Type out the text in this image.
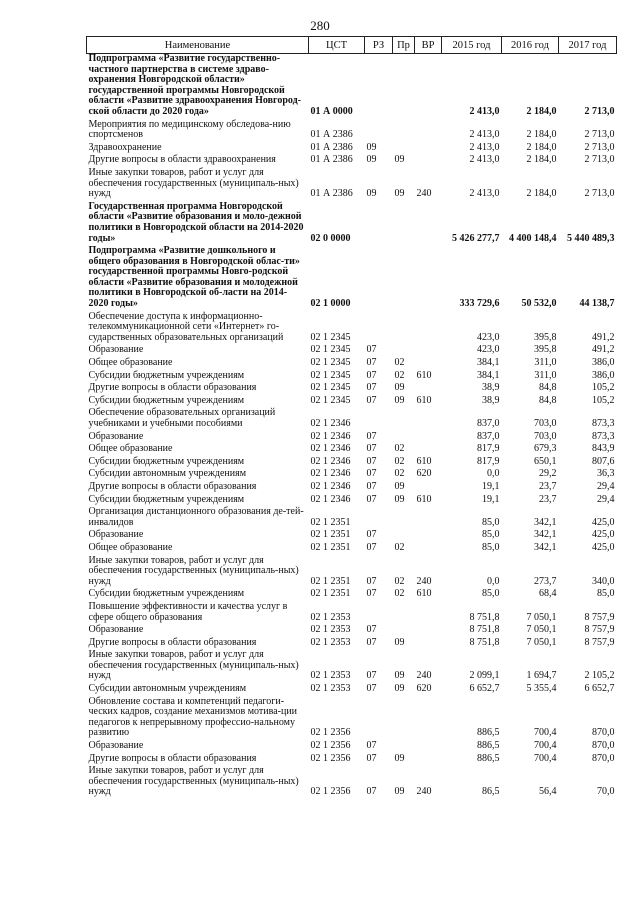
280
Наименование	ЦСТ	РЗ	Пр	ВР	2015 год	2016 год	2017 год
Подпрограмма «Развитие государственно-частного партнерства в системе здраво-охранения Новгородской области» государственной программы Новгородской области «Развитие здравоохранения Новгород-ской области до 2020 года»	01 А 0000				2 413,0	2 184,0	2 713,0
Мероприятия по медицинскому обследова-нию спортсменов	01 А 2386				2 413,0	2 184,0	2 713,0
Здравоохранение	01 А 2386	09			2 413,0	2 184,0	2 713,0
Другие вопросы в области здравоохранения	01 А 2386	09	09		2 413,0	2 184,0	2 713,0
Иные закупки товаров, работ и услуг для обеспечения государственных (муниципаль-ных) нужд	01 А 2386	09	09	240	2 413,0	2 184,0	2 713,0
Государственная программа Новгородской области «Развитие образования и моло-дежной политики в Новгородской области на 2014-2020 годы»	02 0 0000				5 426 277,7	4 400 148,4	5 440 489,3
Подпрограмма «Развитие дошкольного и общего образования в Новгородской облас-ти» государственной программы Новго-родской области «Развитие образования и молодежной политики в Новгородской об-ласти на 2014-2020 годы»	02 1 0000				333 729,6	50 532,0	44 138,7
Обеспечение доступа к информационно-телекоммуникационной сети «Интернет» го-сударственных образовательных организаций	02 1 2345				423,0	395,8	491,2
Образование	02 1 2345	07			423,0	395,8	491,2
Общее образование	02 1 2345	07	02		384,1	311,0	386,0
Субсидии бюджетным учреждениям	02 1 2345	07	02	610	384,1	311,0	386,0
Другие вопросы в области образования	02 1 2345	07	09		38,9	84,8	105,2
Субсидии бюджетным учреждениям	02 1 2345	07	09	610	38,9	84,8	105,2
Обеспечение образовательных организаций учебниками и учебными пособиями	02 1 2346				837,0	703,0	873,3
Образование	02 1 2346	07			837,0	703,0	873,3
Общее образование	02 1 2346	07	02		817,9	679,3	843,9
Субсидии бюджетным учреждениям	02 1 2346	07	02	610	817,9	650,1	807,6
Субсидии автономным учреждениям	02 1 2346	07	02	620	0,0	29,2	36,3
Другие вопросы в области образования	02 1 2346	07	09		19,1	23,7	29,4
Субсидии бюджетным учреждениям	02 1 2346	07	09	610	19,1	23,7	29,4
Организация дистанционного образования де-тей-инвалидов	02 1 2351				85,0	342,1	425,0
Образование	02 1 2351	07			85,0	342,1	425,0
Общее образование	02 1 2351	07	02		85,0	342,1	425,0
Иные закупки товаров, работ и услуг для обеспечения государственных (муниципаль-ных) нужд	02 1 2351	07	02	240	0,0	273,7	340,0
Субсидии бюджетным учреждениям	02 1 2351	07	02	610	85,0	68,4	85,0
Повышение эффективности и качества услуг в сфере общего образования	02 1 2353				8 751,8	7 050,1	8 757,9
Образование	02 1 2353	07			8 751,8	7 050,1	8 757,9
Другие вопросы в области образования	02 1 2353	07	09		8 751,8	7 050,1	8 757,9
Иные закупки товаров, работ и услуг для обеспечения государственных (муниципаль-ных) нужд	02 1 2353	07	09	240	2 099,1	1 694,7	2 105,2
Субсидии автономным учреждениям	02 1 2353	07	09	620	6 652,7	5 355,4	6 652,7
Обновление состава и компетенций педагоги-ческих кадров, создание механизмов мотива-ции педагогов к непрерывному профессио-нальному развитию	02 1 2356				886,5	700,4	870,0
Образование	02 1 2356	07			886,5	700,4	870,0
Другие вопросы в области образования	02 1 2356	07	09		886,5	700,4	870,0
Иные закупки товаров, работ и услуг для обеспечения государственных (муниципаль-ных) нужд	02 1 2356	07	09	240	86,5	56,4	70,0
